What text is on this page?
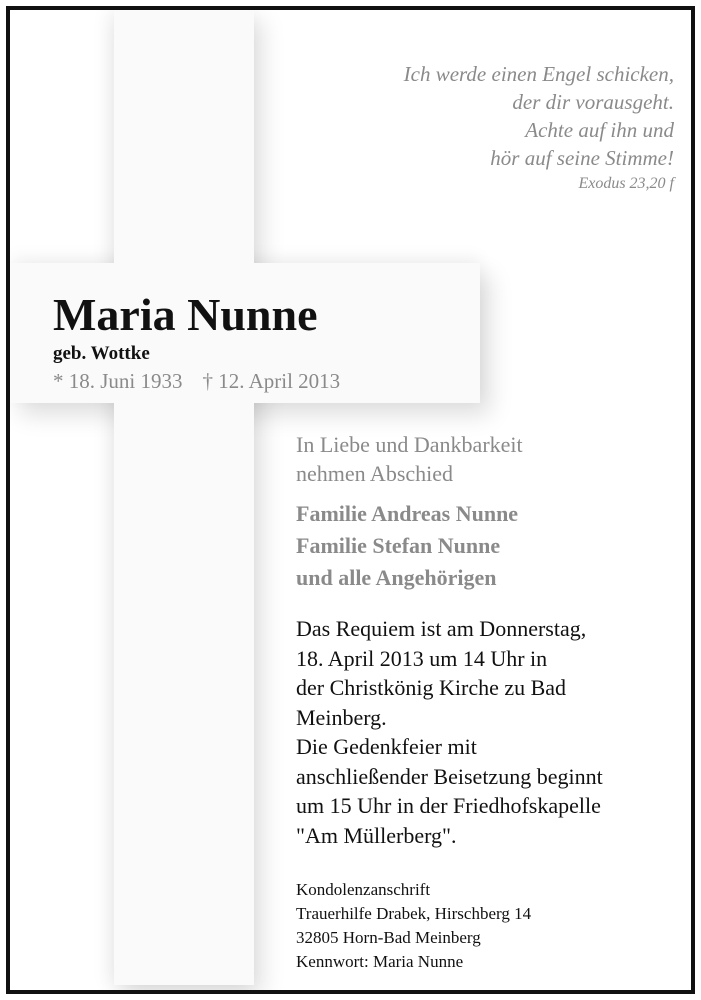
Ich werde einen Engel schicken,
der dir vorausgeht.
Achte auf ihn und
hör auf seine Stimme!
Exodus 23,20 f
Maria Nunne
geb. Wottke
* 18. Juni 1933 † 12. April 2013
In Liebe und Dankbarkeit
nehmen Abschied
Familie Andreas Nunne
Familie Stefan Nunne
und alle Angehörigen
Das Requiem ist am Donnerstag,
18. April 2013 um 14 Uhr in
der Christkönig Kirche zu Bad
Meinberg.
Die Gedenkfeier mit
anschließender Beisetzung beginnt
um 15 Uhr in der Friedhofskapelle
"Am Müllerberg".
Kondolenzanschrift
Trauerhilfe Drabek, Hirschberg 14
32805 Horn-Bad Meinberg
Kennwort: Maria Nunne
